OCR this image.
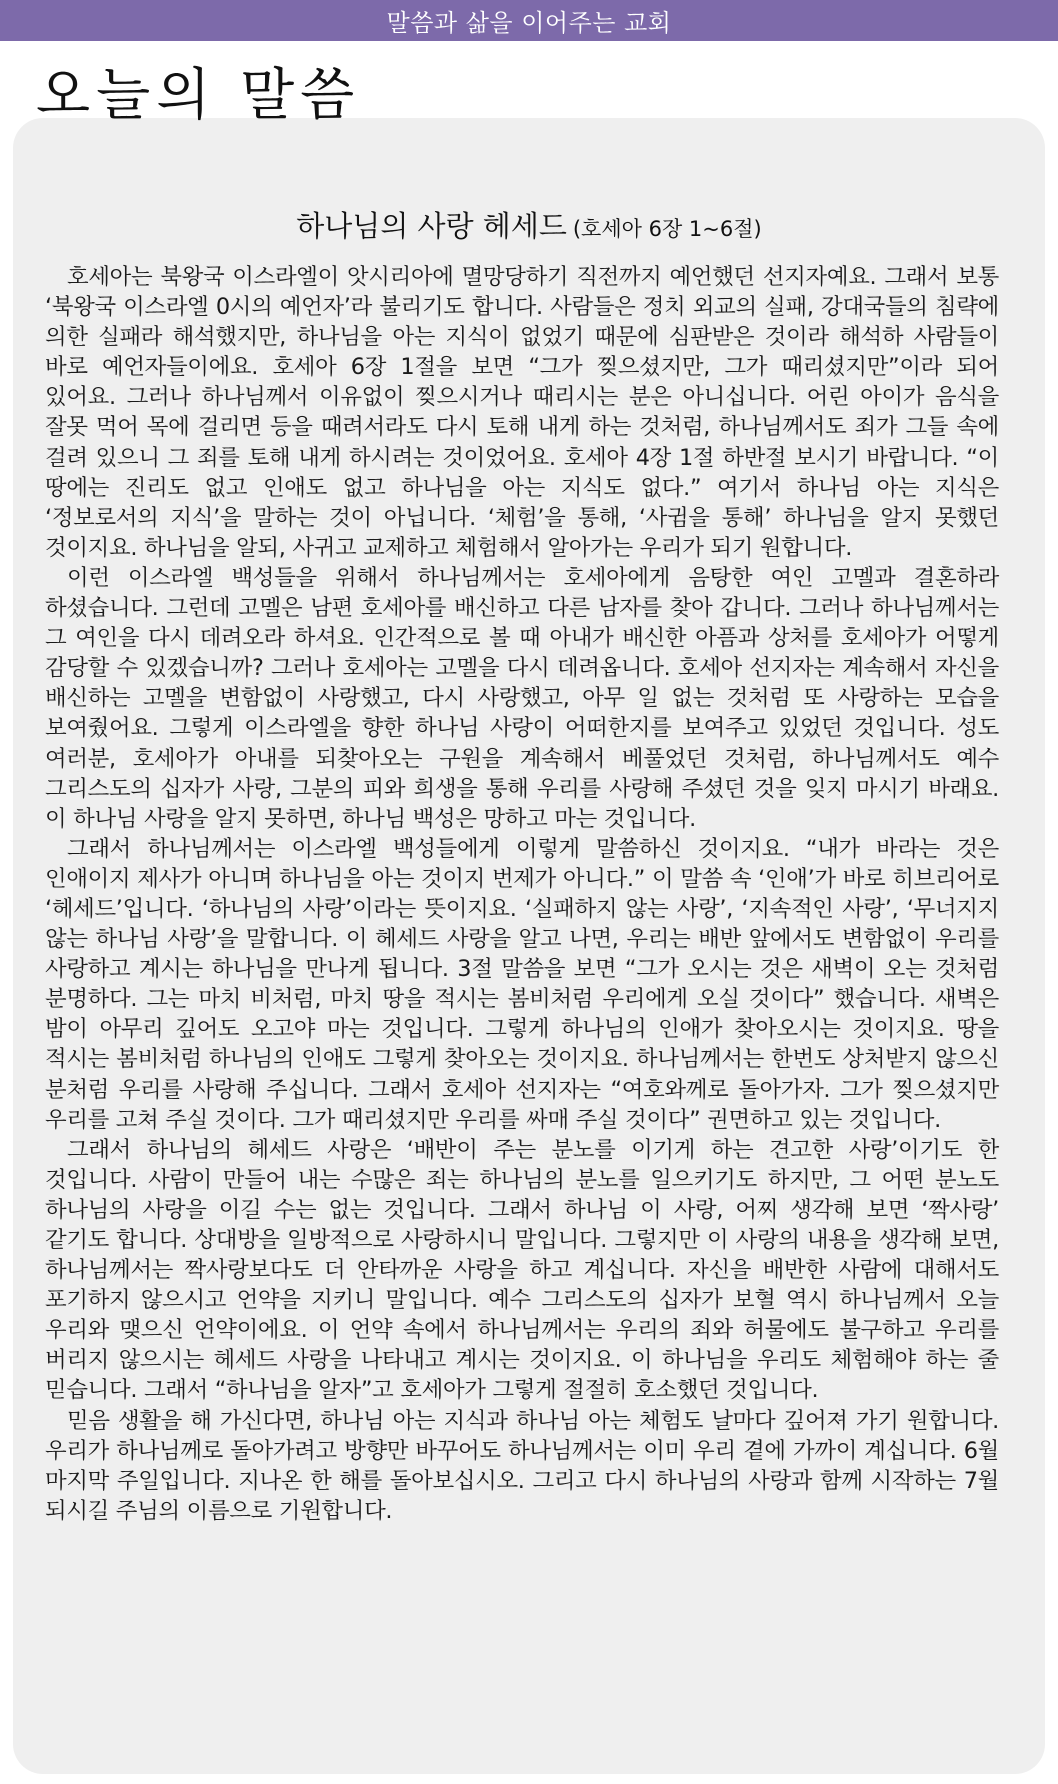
말씀과 삶을 이어주는 교회
오늘의 말씀
하나님의 사랑 헤세드 (호세아 6장 1~6절)

호세아는 북왕국 이스라엘이 앗시리아에 멸망당하기 직전까지 예언했던 선지자예요. 그래서 보통 ‘북왕국 이스라엘 0시의 예언자’라 불리기도 합니다. 사람들은 정치 외교의 실패, 강대국들의 침략에 의한 실패라 해석했지만, 하나님을 아는 지식이 없었기 때문에 심판받은 것이라 해석하 사람들이 바로 예언자들이에요. 호세아 6장 1절을 보면 “그가 찢으셨지만, 그가 때리셨지만”이라 되어 있어요. 그러나 하나님께서 이유없이 찢으시거나 때리시는 분은 아니십니다. 어린 아이가 음식을 잘못 먹어 목에 걸리면 등을 때려서라도 다시 토해 내게 하는 것처럼, 하나님께서도 죄가 그들 속에 걸려 있으니 그 죄를 토해 내게 하시려는 것이었어요. 호세아 4장 1절 하반절 보시기 바랍니다. “이 땅에는 진리도 없고 인애도 없고 하나님을 아는 지식도 없다.” 여기서 하나님 아는 지식은 ‘정보로서의 지식’을 말하는 것이 아닙니다. ‘체험’을 통해, ‘사귐을 통해’ 하나님을 알지 못했던 것이지요. 하나님을 알되, 사귀고 교제하고 체험해서 알아가는 우리가 되기 원합니다.

이런 이스라엘 백성들을 위해서 하나님께서는 호세아에게 음탕한 여인 고멜과 결혼하라 하셨습니다. 그런데 고멜은 남편 호세아를 배신하고 다른 남자를 찾아 갑니다. 그러나 하나님께서는 그 여인을 다시 데려오라 하셔요. 인간적으로 볼 때 아내가 배신한 아픔과 상처를 호세아가 어떻게 감당할 수 있겠습니까? 그러나 호세아는 고멜을 다시 데려옵니다. 호세아 선지자는 계속해서 자신을 배신하는 고멜을 변함없이 사랑했고, 다시 사랑했고, 아무 일 없는 것처럼 또 사랑하는 모습을 보여줬어요. 그렇게 이스라엘을 향한 하나님 사랑이 어떠한지를 보여주고 있었던 것입니다. 성도 여러분, 호세아가 아내를 되찾아오는 구원을 계속해서 베풀었던 것처럼, 하나님께서도 예수 그리스도의 십자가 사랑, 그분의 피와 희생을 통해 우리를 사랑해 주셨던 것을 잊지 마시기 바래요. 이 하나님 사랑을 알지 못하면, 하나님 백성은 망하고 마는 것입니다.

그래서 하나님께서는 이스라엘 백성들에게 이렇게 말씀하신 것이지요. “내가 바라는 것은 인애이지 제사가 아니며 하나님을 아는 것이지 번제가 아니다.” 이 말씀 속 ‘인애’가 바로 히브리어로 ‘헤세드’입니다. ‘하나님의 사랑’이라는 뜻이지요. ‘실패하지 않는 사랑’, ‘지속적인 사랑’, ‘무너지지 않는 하나님 사랑’을 말합니다. 이 헤세드 사랑을 알고 나면, 우리는 배반 앞에서도 변함없이 우리를 사랑하고 계시는 하나님을 만나게 됩니다. 3절 말씀을 보면 “그가 오시는 것은 새벽이 오는 것처럼 분명하다. 그는 마치 비처럼, 마치 땅을 적시는 봄비처럼 우리에게 오실 것이다” 했습니다. 새벽은 밤이 아무리 깊어도 오고야 마는 것입니다. 그렇게 하나님의 인애가 찾아오시는 것이지요. 땅을 적시는 봄비처럼 하나님의 인애도 그렇게 찾아오는 것이지요. 하나님께서는 한번도 상처받지 않으신 분처럼 우리를 사랑해 주십니다. 그래서 호세아 선지자는 “여호와께로 돌아가자. 그가 찢으셨지만 우리를 고쳐 주실 것이다. 그가 때리셨지만 우리를 싸매 주실 것이다” 권면하고 있는 것입니다.

그래서 하나님의 헤세드 사랑은 ‘배반이 주는 분노를 이기게 하는 견고한 사랑’이기도 한 것입니다. 사람이 만들어 내는 수많은 죄는 하나님의 분노를 일으키기도 하지만, 그 어떤 분노도 하나님의 사랑을 이길 수는 없는 것입니다. 그래서 하나님 이 사랑, 어찌 생각해 보면 ‘짝사랑’ 같기도 합니다. 상대방을 일방적으로 사랑하시니 말입니다. 그렇지만 이 사랑의 내용을 생각해 보면, 하나님께서는 짝사랑보다도 더 안타까운 사랑을 하고 계십니다. 자신을 배반한 사람에 대해서도 포기하지 않으시고 언약을 지키니 말입니다. 예수 그리스도의 십자가 보혈 역시 하나님께서 오늘 우리와 맺으신 언약이에요. 이 언약 속에서 하나님께서는 우리의 죄와 허물에도 불구하고 우리를 버리지 않으시는 헤세드 사랑을 나타내고 계시는 것이지요. 이 하나님을 우리도 체험해야 하는 줄 믿습니다. 그래서 “하나님을 알자”고 호세아가 그렇게 절절히 호소했던 것입니다.

믿음 생활을 해 가신다면, 하나님 아는 지식과 하나님 아는 체험도 날마다 깊어져 가기 원합니다. 우리가 하나님께로 돌아가려고 방향만 바꾸어도 하나님께서는 이미 우리 곁에 가까이 계십니다. 6월 마지막 주일입니다. 지나온 한 해를 돌아보십시오. 그리고 다시 하나님의 사랑과 함께 시작하는 7월 되시길 주님의 이름으로 기원합니다.
